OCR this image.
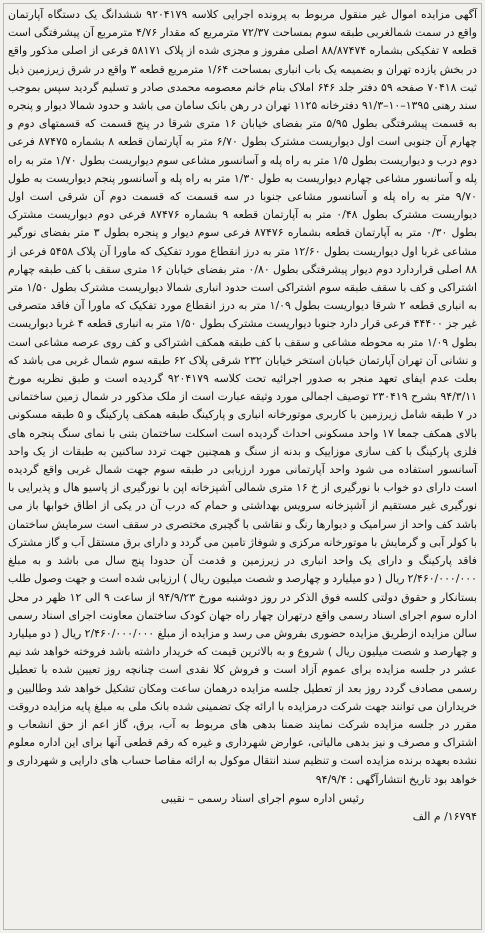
آگهی مزایده اموال غیر منقول مربوط به پرونده اجرایی کلاسه ۹۲۰۴۱۷۹ ششدانگ یک دستگاه آپارتمان واقع در سمت شمالغربی طبقه سوم بمساحت ۷۲/۳۷ مترمربع که مقدار ۴/۷۶ مترمربع آن پیشرفتگی است قطعه ۷ تفکیکی بشماره ۸۸/۸۷۴۷۴ اصلی مفروز و مجزی شده از پلاک ۵۸۱۷۱ فرعی از اصلی مذکور واقع در بخش یازده تهران و بضمیمه یک باب انباری بمساحت ۱/۶۴ مترمربع قطعه ۳ واقع در شرق زیرزمین ذیل ثبت ۷۰۴۱۸ صفحه ۵۹ دفتر جلد ۶۴۶ املاک بنام خانم معصومه محمدی صادر و تسلیم گردید سپس بموجب سند رهنی ۱۳۹۵–۱۰–۹۱/۳ دفترخانه ۱۱۲۵ تهران در رهن بانک سامان می باشد و حدود شمالا دیوار و پنجره به قسمت پیشرفتگی بطول ۵/۹۵ متر بفضای خیابان ۱۶ متری شرقا در پنج قسمت که قسمتهای دوم و چهارم آن جنوبی است اول دیواریست مشترک بطول ۶/۷۰ متر به آپارتمان قطعه ۸ بشماره ۸۷۴۷۵ فرعی دوم درب و دیواریست بطول ۱/۵ متر به راه پله و آسانسور مشاعی سوم دیواریست بطول ۱/۷۰ متر به راه پله و آسانسور مشاعی چهارم دیواریست به طول ۱/۳۰ متر به راه پله و آسانسور پنجم دیواریست به طول ۹/۷۰ متر به راه پله و آسانسور مشاعی جنوبا در سه قسمت که قسمت دوم آن شرقی است اول دیواریست مشترک بطول ۰/۴۸ متر به آپارتمان قطعه ۹ بشماره ۸۷۴۷۶ فرعی دوم دیواریست مشترک بطول ۰/۳۰ متر به آپارتمان قطعه بشماره ۸۷۴۷۶ فرعی سوم دیوار و پنجره بطول ۳ متر بفضای نورگیر مشاعی غربا اول دیواریست بطول ۱۲/۶۰ متر به درز انقطاع مورد تفکیک که ماورا آن پلاک ۵۴۵۸ فرعی از ۸۸ اصلی قراردارد دوم دیوار پیشرفتگی بطول ۰/۸۰ متر بفضای خیابان ۱۶ متری سقف با کف طبقه چهارم اشتراکی و کف با سقف طبقه سوم اشتراکی است حدود انباری شمالا دیواریست مشترک بطول ۱/۵۰ متر به انباری قطعه ۲ شرقا دیواریست بطول ۱/۰۹ متر به درز انقطاع مورد تفکیک که ماورا آن فاقد متصرفی غیر جز ۴۴۴۰۰ فرعی قرار دارد جنوبا دیواریست مشترک بطول ۱/۵۰ متر به انباری قطعه ۴ غربا دیواریست بطول ۱/۰۹ متر به محوطه مشاعی و سقف با کف طبقه همکف اشتراکی و کف روی عرصه مشاعی است و نشانی آن تهران آپارتمان خیابان استخر خیابان ۲۳۲ شرقی پلاک ۶۲ طبقه سوم شمال غربی می باشد که بعلت عدم ایفای تعهد منجر به صدور اجرائیه تحت کلاسه ۹۲۰۴۱۷۹ گردیده است و طبق نظریه مورخ ۹۴/۳/۱۱ بشرح ۲۳۰۴۱۹ توصیف اجمالی مورد وثیقه عبارت است از ملک مذکور در شمال زمین ساختمانی در ۷ طبقه شامل زیرزمین با کاربری موتورخانه انباری و پارکینگ طبقه همکف پارکینگ و ۵ طبقه مسکونی بالای همکف جمعا ۱۷ واحد مسکونی احداث گردیده است اسکلت ساختمان بتنی با نمای سنگ پنجره های فلزی پارکینگ با کف سازی موزاییک و بدنه از سنگ و همچنین جهت تردد ساکنین به طبقات از یک واحد آسانسور استفاده می شود واحد آپارتمانی مورد ارزیابی در طبقه سوم جهت شمال غربی واقع گردیده است دارای دو خواب با نورگیری از خ ۱۶ متری شمالی آشپزخانه اپن با نورگیری از پاسیو هال و پذیرایی با نورگیری غیر مستقیم از آشپزخانه سرویس بهداشتی و حمام که درب آن در یکی از اطاق خوابها باز می باشد کف واحد از سرامیک و دیوارها رنگ و نقاشی با گچبری مختصری در سقف است سرمایش ساختمان با کولر آبی و گرمایش با موتورخانه مرکزی و شوفاژ تامین می گردد و دارای برق مستقل آب و گاز مشترک فاقد پارکینگ و دارای یک واحد انباری در زیرزمین و قدمت آن حدودا پنج سال می باشد و به مبلغ ۲/۴۶۰/۰۰۰/۰۰۰ ریال ( دو میلیارد و چهارصد و شصت میلیون ریال ) ارزیابی شده است و جهت وصول طلب بستانکار و حقوق دولتی کلسه فوق الذکر در روز دوشنبه مورخ ۹۴/۹/۲۳ از ساعت ۹ الی ۱۲ ظهر در محل اداره سوم اجرای اسناد رسمی واقع درتهران چهار راه جهان کودک ساختمان معاونت اجرای اسناد رسمی سالن مزایده ازطریق مزایده حضوری بفروش می رسد و مزایده از مبلغ ۲/۴۶۰/۰۰۰/۰۰۰ ریال ( دو میلیارد و چهارصد و شصت میلیون ریال ) شروع و به بالاترین قیمت که خریدار داشته باشد فروخته خواهد شد نیم عشر در جلسه مزایده برای عموم آزاد است و فروش کلا نقدی است چنانچه روز تعیین شده با تعطیل رسمی مصادف گردد روز بعد از تعطیل جلسه مزایده درهمان ساعت ومکان تشکیل خواهد شد وطالبین و خریداران می توانند جهت شرکت درمزایده با ارائه چک تضمینی شده بانک ملی به مبلغ پایه مزایده دروقت مقرر در جلسه مزایده شرکت نمایند ضمنا بدهی های مربوط به آب، برق، گاز اعم از حق انشعاب و اشتراک و مصرف و نیز بدهی مالیاتی، عوارض شهرداری و غیره که رقم قطعی آنها برای این اداره معلوم نشده بعهده برنده مزایده است و تنظیم سند انتقال موکول به ارائه مفاصا حساب های دارایی و شهرداری و خواهد بود تاریخ انتشارآگهی : ۹۴/۹/۴

رئیس اداره سوم اجرای اسناد رسمی – نقیبی
۱۶۷۹۴/ م الف
